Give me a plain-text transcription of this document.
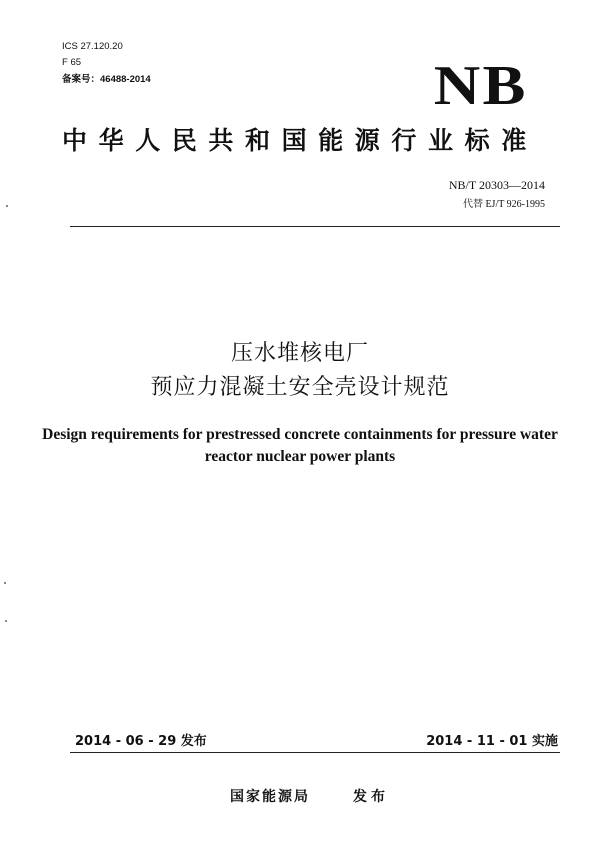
ICS 27.120.20
F 65
备案号：46488-2014	NB
中华人民共和国能源行业标准
NB/T 20303—2014
代替 EJ/T 926-1995
压水堆核电厂
预应力混凝土安全壳设计规范
Design requirements for prestressed concrete containments for pressure water
reactor nuclear power plants
2014 - 06 - 29 发布	2014 - 11 - 01 实施
国家能源局	发布
